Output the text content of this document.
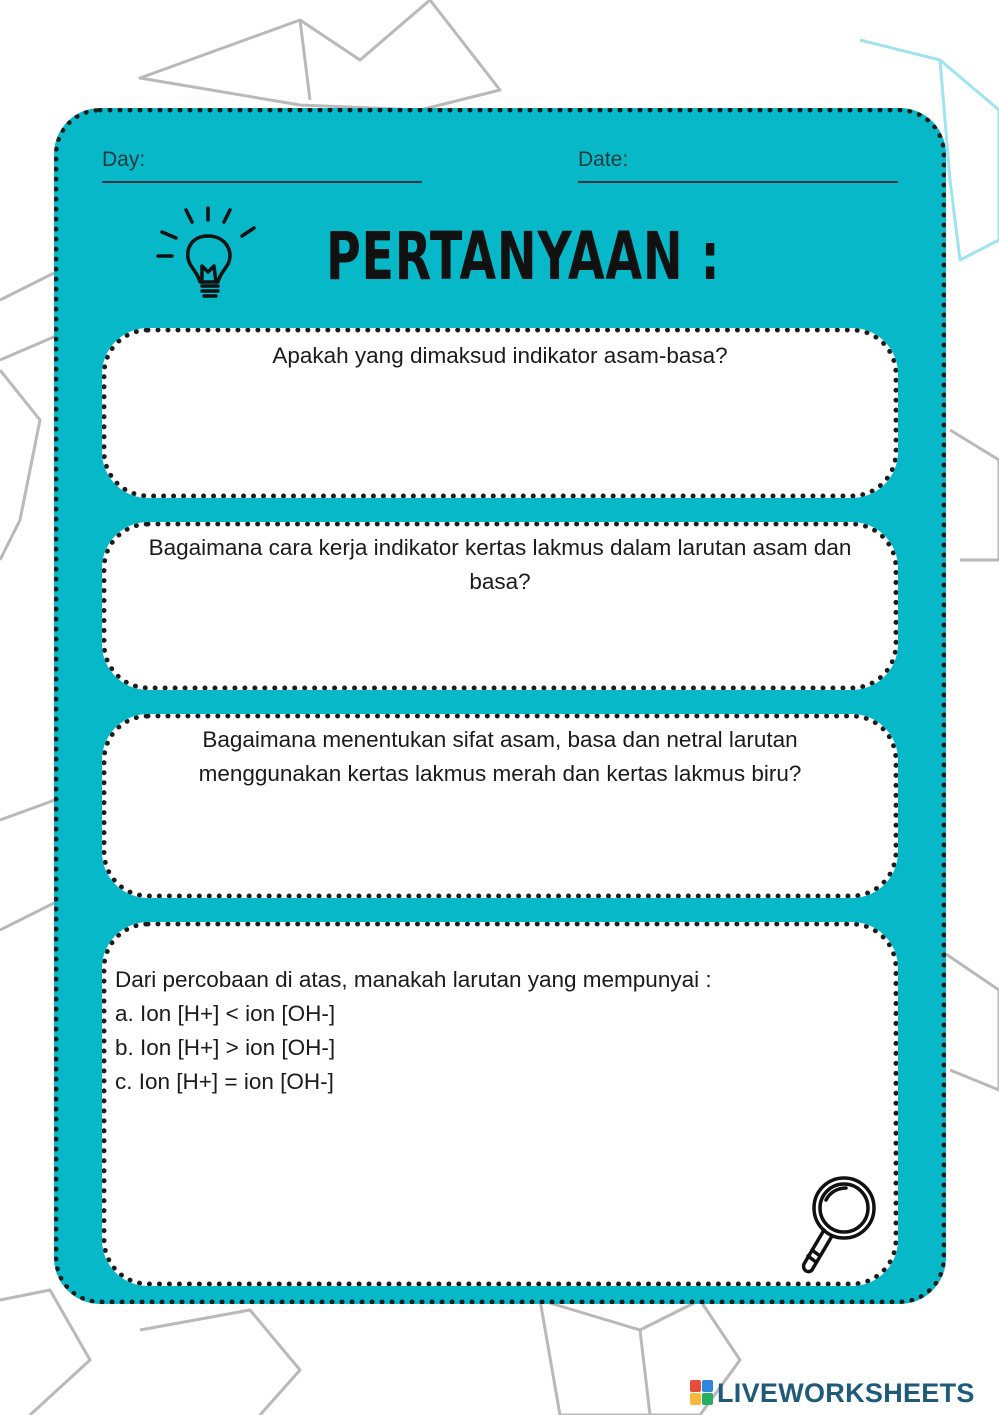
Day:	Date:
PERTANYAAN :
Apakah yang dimaksud indikator asam-basa?
Bagaimana cara kerja indikator kertas lakmus dalam larutan asam dan basa?
Bagaimana menentukan sifat asam, basa dan netral larutan menggunakan kertas lakmus merah dan kertas lakmus biru?
Dari percobaan di atas, manakah larutan yang mempunyai :
a. Ion [H+] < ion [OH-]
b. Ion [H+] > ion [OH-]
c. Ion [H+] = ion [OH-]
LIVEWORKSHEETS
